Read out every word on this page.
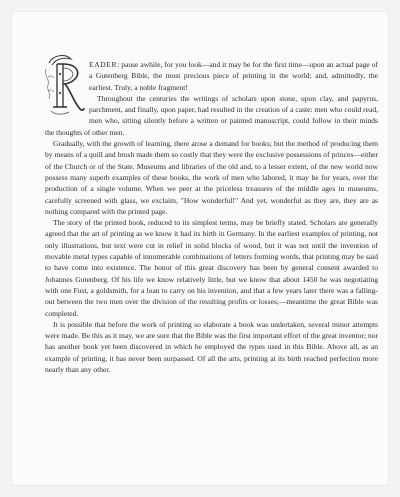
EADER: pause awhile, for you look—and it may be for the first time—upon an actual page of a Gutenberg Bible, the most precious piece of printing in the world; and, admittedly, the earliest. Truly, a noble fragment!

Throughout the centuries the writings of scholars upon stone, upon clay, and papyrus, parchment, and finally, upon paper, had resulted in the creation of a caste: men who could read, men who, sitting silently before a written or painted manuscript, could follow in their minds the thoughts of other men.

Gradually, with the growth of learning, there arose a demand for books; but the method of producing them by means of a quill and brush made them so costly that they were the exclusive possessions of princes—either of the Church or of the State. Museums and libraries of the old and, to a lesser extent, of the new world now possess many superb examples of these books, the work of men who labored, it may be for years, over the production of a single volume. When we peer at the priceless treasures of the middle ages in museums, carefully screened with glass, we exclaim, "How wonderful!" And yet, wonderful as they are, they are as nothing compared with the printed page.

The story of the printed book, reduced to its simplest terms, may be briefly stated. Scholars are generally agreed that the art of printing as we know it had its birth in Germany. In the earliest examples of printing, not only illustrations, but text were cut in relief in solid blocks of wood, but it was not until the invention of movable metal types capable of innumerable combinations of letters forming words, that printing may be said to have come into existence. The honor of this great discovery has been by general consent awarded to Johannes Gutenberg. Of his life we know relatively little, but we know that about 1450 he was negotiating with one Fust, a goldsmith, for a loan to carry on his invention, and that a few years later there was a falling-out between the two men over the division of the resulting profits or losses;—meantime the great Bible was completed.

It is possible that before the work of printing so elaborate a book was undertaken, several minor attempts were made. Be this as it may, we are sure that the Bible was the first important effort of the great inventor; nor has another book yet been discovered in which he employed the types used in this Bible. Above all, as an example of printing, it has never been surpassed. Of all the arts, printing at its birth reached perfection more nearly than any other.
